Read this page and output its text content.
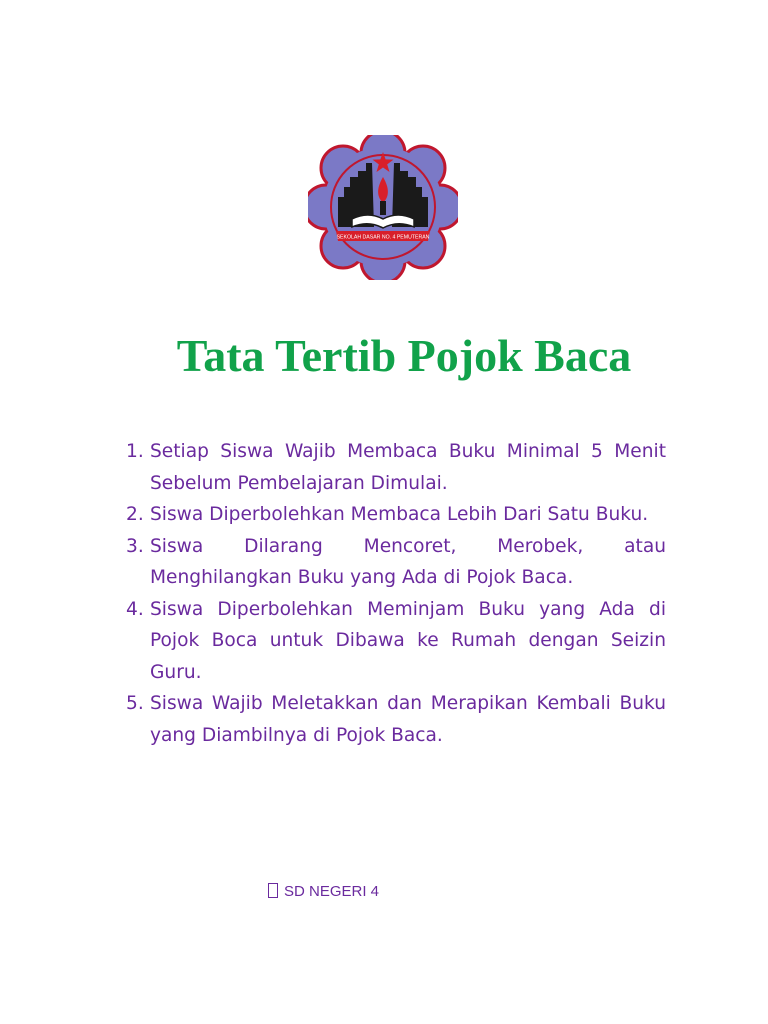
SEKOLAH DASAR NO. 4 PEMUTERAN
Tata Tertib Pojok Baca
1. Setiap Siswa Wajib Membaca Buku Minimal 5 Menit Sebelum Pembelajaran Dimulai.
2. Siswa Diperbolehkan Membaca Lebih Dari Satu Buku.
3. Siswa Dilarang Mencoret, Merobek, atau Menghilangkan Buku yang Ada di Pojok Baca.
4. Siswa Diperbolehkan Meminjam Buku yang Ada di Pojok Boca untuk Dibawa ke Rumah dengan Seizin Guru.
5. Siswa Wajib Meletakkan dan Merapikan Kembali Buku yang Diambilnya di Pojok Baca.
SD NEGERI 4
